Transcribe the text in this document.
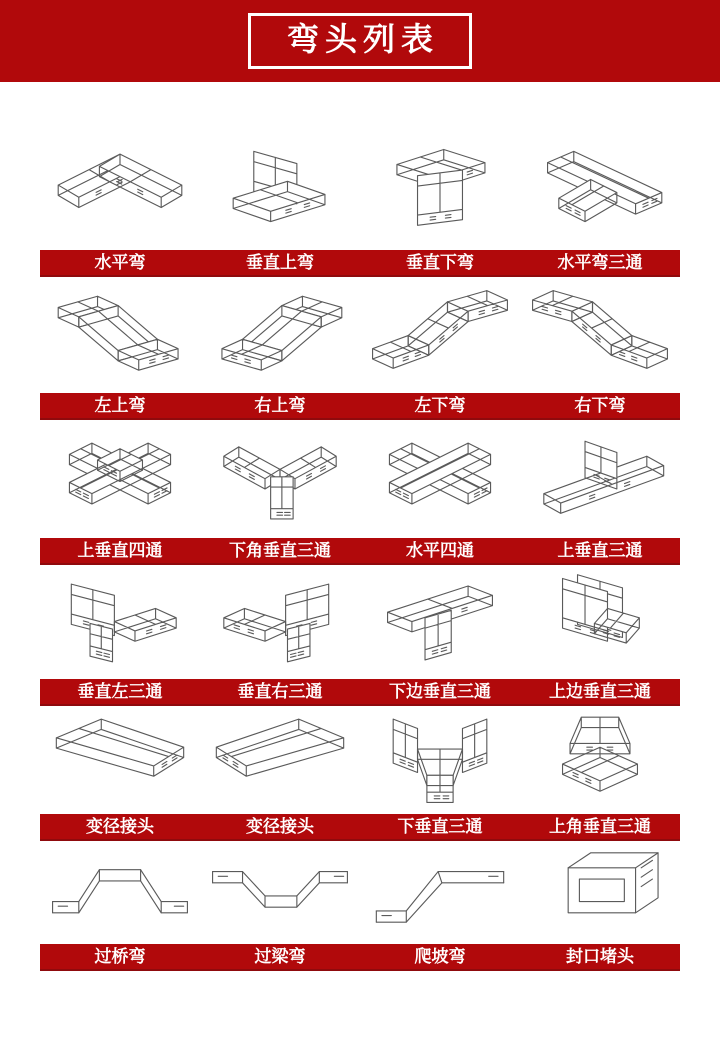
弯头列表
水平弯	垂直上弯	垂直下弯	水平弯三通
左上弯	右上弯	左下弯	右下弯
上垂直四通	下角垂直三通	水平四通	上垂直三通
垂直左三通	垂直右三通	下边垂直三通	上边垂直三通
变径接头	变径接头	下垂直三通	上角垂直三通
过桥弯	过梁弯	爬坡弯	封口堵头
